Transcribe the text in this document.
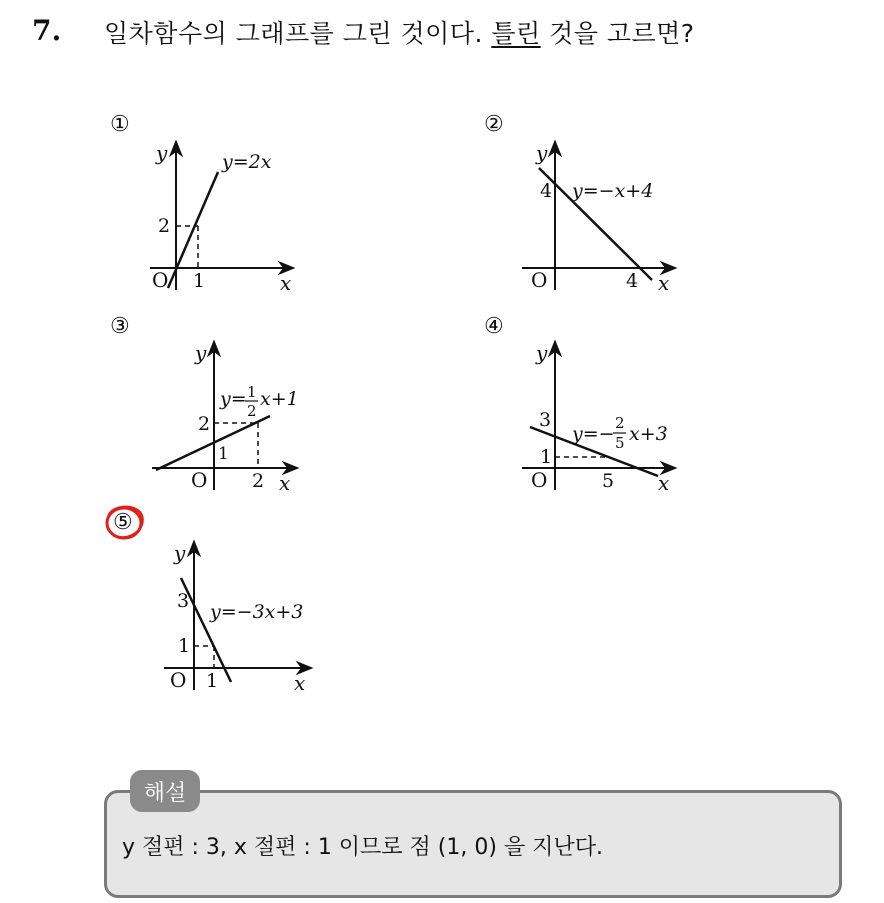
7. 일차함수의 그래프를 그린 것이다. 틀린 것을 고르면?
①
O
y
x
2
1
y=2x
O
y
x
4
4
y=−x+4
O
y
x
2
1
2
y= 1
2
x+1
O
y
x
3
1
5
y=− 2
5 x+3
O
y
x
3
1
1
y=−3x+3
②
③	④
⑤
해설
y 절편 : 3, x 절편 : 1 이므로 점 (1, 0) 을 지난다.
